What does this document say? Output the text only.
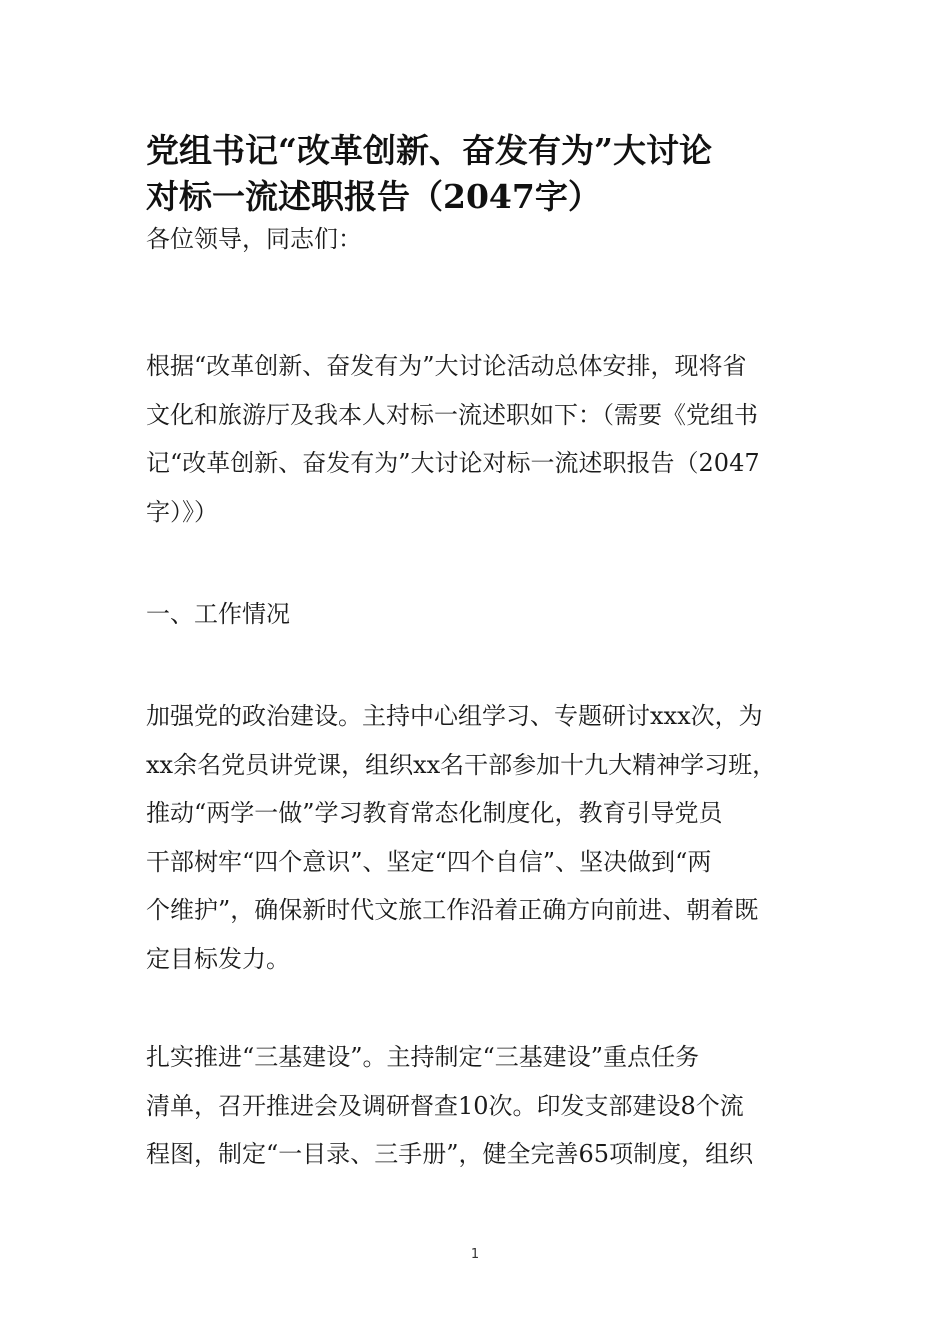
党组书记“改革创新、奋发有为”大讨论
对标一流述职报告（2047字）

各位领导，同志们：

根据“改革创新、奋发有为”大讨论活动总体安排，现将省
文化和旅游厅及我本人对标一流述职如下：（需要《党组书
记“改革创新、奋发有为”大讨论对标一流述职报告（2047
字）》）

一、工作情况

加强党的政治建设。主持中心组学习、专题研讨xxx次，为
xx余名党员讲党课，组织xx名干部参加十九大精神学习班，
推动“两学一做”学习教育常态化制度化，教育引导党员
干部树牢“四个意识”、坚定“四个自信”、坚决做到“两
个维护”，确保新时代文旅工作沿着正确方向前进、朝着既
定目标发力。

扎实推进“三基建设”。主持制定“三基建设”重点任务
清单，召开推进会及调研督查10次。印发支部建设8个流
程图，制定“一目录、三手册”，健全完善65项制度，组织

1
